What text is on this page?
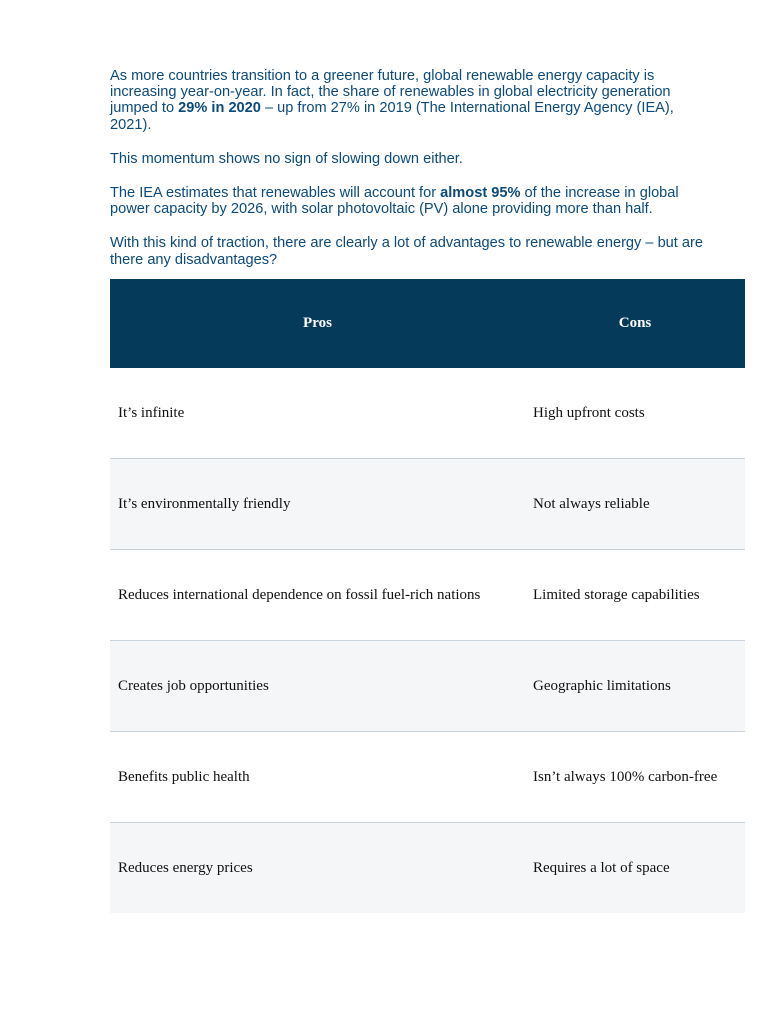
As more countries transition to a greener future, global renewable energy capacity is increasing year-on-year. In fact, the share of renewables in global electricity generation jumped to 29% in 2020 – up from 27% in 2019 (The International Energy Agency (IEA), 2021).

This momentum shows no sign of slowing down either.

The IEA estimates that renewables will account for almost 95% of the increase in global power capacity by 2026, with solar photovoltaic (PV) alone providing more than half.

With this kind of traction, there are clearly a lot of advantages to renewable energy – but are there any disadvantages?

Pros	Cons
It’s infinite	High upfront costs
It’s environmentally friendly	Not always reliable
Reduces international dependence on fossil fuel-rich nations	Limited storage capabilities
Creates job opportunities	Geographic limitations
Benefits public health	Isn’t always 100% carbon-free
Reduces energy prices	Requires a lot of space
